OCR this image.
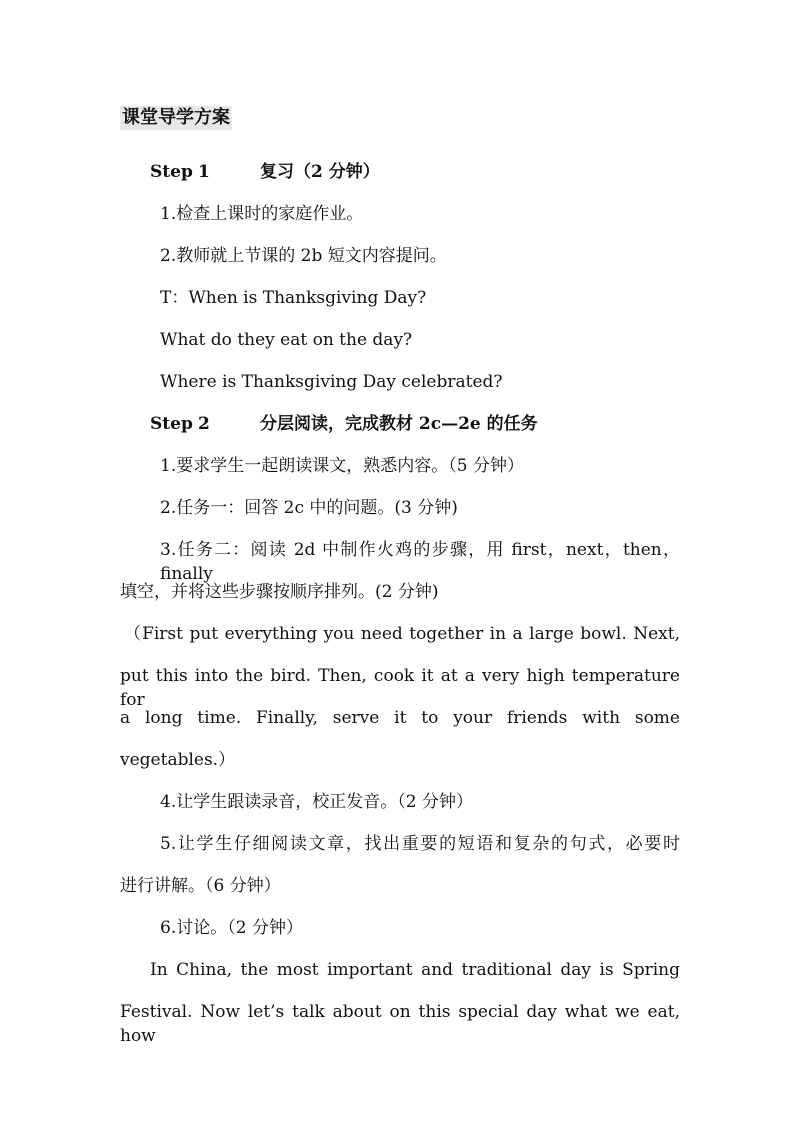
课堂导学方案
Step 1	复习（2 分钟）
1.检查上课时的家庭作业。
2.教师就上节课的 2b 短文内容提问。
T：When is Thanksgiving Day?
What do they eat on the day?
Where is Thanksgiving Day celebrated?
Step 2	分层阅读，完成教材 2c—2e 的任务
1.要求学生一起朗读课文，熟悉内容。（5 分钟）
2.任务一：回答 2c 中的问题。(3 分钟)
3.任务二：阅读 2d 中制作火鸡的步骤，用 first，next，then，finally
填空，并将这些步骤按顺序排列。(2 分钟)
（First put everything you need together in a large bowl. Next,
put this into the bird. Then, cook it at a very high temperature for
a long time. Finally, serve it to your friends with some
vegetables.）
4.让学生跟读录音，校正发音。（2 分钟）
5.让学生仔细阅读文章，找出重要的短语和复杂的句式，必要时
进行讲解。（6 分钟）
6.讨论。（2 分钟）
In China, the most important and traditional day is Spring
Festival. Now let’s talk about on this special day what we eat, how
